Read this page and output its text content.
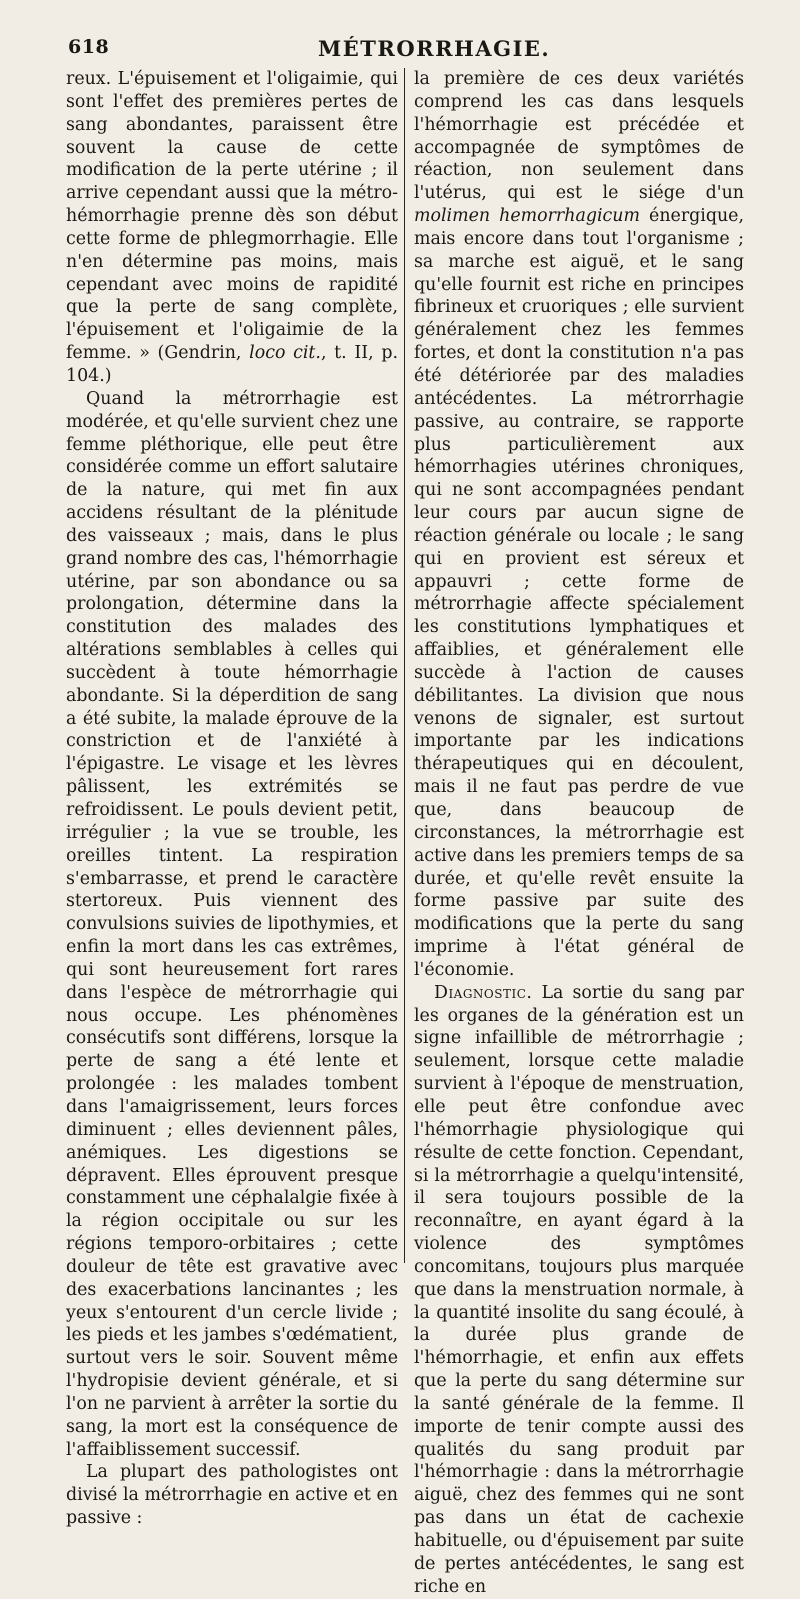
618	MÉTRORRHAGIE.

reux. L'épuisement et l'oligaimie, qui sont l'effet des premières pertes de sang abondantes, paraissent être souvent la cause de cette modification de la perte utérine ; il arrive cependant aussi que la métro-hémorrhagie prenne dès son début cette forme de phlegmorrhagie. Elle n'en détermine pas moins, mais cependant avec moins de rapidité que la perte de sang complète, l'épuisement et l'oligaimie de la femme. » (Gendrin, loco cit., t. II, p. 104.)

Quand la métrorrhagie est modérée, et qu'elle survient chez une femme pléthorique, elle peut être considérée comme un effort salutaire de la nature, qui met fin aux accidens résultant de la plénitude des vaisseaux ; mais, dans le plus grand nombre des cas, l'hémorrhagie utérine, par son abondance ou sa prolongation, détermine dans la constitution des malades des altérations semblables à celles qui succèdent à toute hémorrhagie abondante. Si la déperdition de sang a été subite, la malade éprouve de la constriction et de l'anxiété à l'épigastre. Le visage et les lèvres pâlissent, les extrémités se refroidissent. Le pouls devient petit, irrégulier ; la vue se trouble, les oreilles tintent. La respiration s'embarrasse, et prend le caractère stertoreux. Puis viennent des convulsions suivies de lipothymies, et enfin la mort dans les cas extrêmes, qui sont heureusement fort rares dans l'espèce de métrorrhagie qui nous occupe. Les phénomènes consécutifs sont différens, lorsque la perte de sang a été lente et prolongée : les malades tombent dans l'amaigrissement, leurs forces diminuent ; elles deviennent pâles, anémiques. Les digestions se dépravent. Elles éprouvent presque constamment une céphalalgie fixée à la région occipitale ou sur les régions temporo-orbitaires ; cette douleur de tête est gravative avec des exacerbations lancinantes ; les yeux s'entourent d'un cercle livide ; les pieds et les jambes s'œdématient, surtout vers le soir. Souvent même l'hydropisie devient générale, et si l'on ne parvient à arrêter la sortie du sang, la mort est la conséquence de l'affaiblissement successif.

La plupart des pathologistes ont divisé la métrorrhagie en active et en passive :

la première de ces deux variétés comprend les cas dans lesquels l'hémorrhagie est précédée et accompagnée de symptômes de réaction, non seulement dans l'utérus, qui est le siége d'un molimen hemorrhagicum énergique, mais encore dans tout l'organisme ; sa marche est aiguë, et le sang qu'elle fournit est riche en principes fibrineux et cruoriques ; elle survient généralement chez les femmes fortes, et dont la constitution n'a pas été détériorée par des maladies antécédentes. La métrorrhagie passive, au contraire, se rapporte plus particulièrement aux hémorrhagies utérines chroniques, qui ne sont accompagnées pendant leur cours par aucun signe de réaction générale ou locale ; le sang qui en provient est séreux et appauvri ; cette forme de métrorrhagie affecte spécialement les constitutions lymphatiques et affaiblies, et généralement elle succède à l'action de causes débilitantes. La division que nous venons de signaler, est surtout importante par les indications thérapeutiques qui en découlent, mais il ne faut pas perdre de vue que, dans beaucoup de circonstances, la métrorrhagie est active dans les premiers temps de sa durée, et qu'elle revêt ensuite la forme passive par suite des modifications que la perte du sang imprime à l'état général de l'économie.

Diagnostic. La sortie du sang par les organes de la génération est un signe infaillible de métrorrhagie ; seulement, lorsque cette maladie survient à l'époque de menstruation, elle peut être confondue avec l'hémorrhagie physiologique qui résulte de cette fonction. Cependant, si la métrorrhagie a quelqu'intensité, il sera toujours possible de la reconnaître, en ayant égard à la violence des symptômes concomitans, toujours plus marquée que dans la menstruation normale, à la quantité insolite du sang écoulé, à la durée plus grande de l'hémorrhagie, et enfin aux effets que la perte du sang détermine sur la santé générale de la femme. Il importe de tenir compte aussi des qualités du sang produit par l'hémorrhagie : dans la métrorrhagie aiguë, chez des femmes qui ne sont pas dans un état de cachexie habituelle, ou d'épuisement par suite de pertes antécédentes, le sang est riche en
